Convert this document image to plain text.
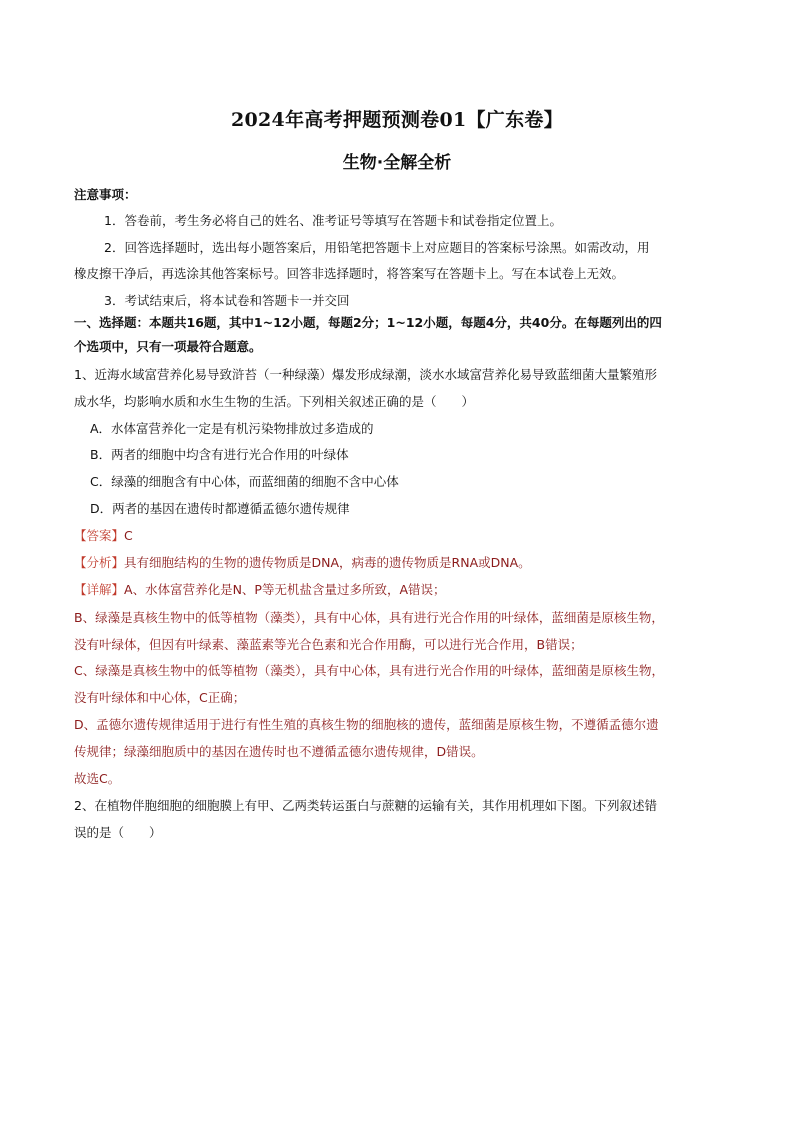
2024年高考押题预测卷01【广东卷】
生物·全解全析
注意事项：
1．答卷前，考生务必将自己的姓名、准考证号等填写在答题卡和试卷指定位置上。
2．回答选择题时，选出每小题答案后，用铅笔把答题卡上对应题目的答案标号涂黑。如需改动，用
橡皮擦干净后，再选涂其他答案标号。回答非选择题时，将答案写在答题卡上。写在本试卷上无效。
3．考试结束后，将本试卷和答题卡一并交回
一、选择题：本题共16题，其中1~12小题，每题2分；1~12小题，每题4分，共40分。在每题列出的四
个选项中，只有一项最符合题意。
1、近海水域富营养化易导致浒苔（一种绿藻）爆发形成绿潮，淡水水域富营养化易导致蓝细菌大量繁殖形
成水华，均影响水质和水生生物的生活。下列相关叙述正确的是（　　）
A．水体富营养化一定是有机污染物排放过多造成的
B．两者的细胞中均含有进行光合作用的叶绿体
C．绿藻的细胞含有中心体，而蓝细菌的细胞不含中心体
D．两者的基因在遗传时都遵循孟德尔遗传规律
【答案】C
【分析】具有细胞结构的生物的遗传物质是DNA，病毒的遗传物质是RNA或DNA。
【详解】A、水体富营养化是N、P等无机盐含量过多所致，A错误；
B、绿藻是真核生物中的低等植物（藻类），具有中心体，具有进行光合作用的叶绿体，蓝细菌是原核生物，
没有叶绿体，但因有叶绿素、藻蓝素等光合色素和光合作用酶，可以进行光合作用，B错误；
C、绿藻是真核生物中的低等植物（藻类），具有中心体，具有进行光合作用的叶绿体，蓝细菌是原核生物，
没有叶绿体和中心体，C正确；
D、孟德尔遗传规律适用于进行有性生殖的真核生物的细胞核的遗传，蓝细菌是原核生物，不遵循孟德尔遗
传规律；绿藻细胞质中的基因在遗传时也不遵循孟德尔遗传规律，D错误。
故选C。
2、在植物伴胞细胞的细胞膜上有甲、乙两类转运蛋白与蔗糖的运输有关，其作用机理如下图。下列叙述错
误的是（　　）
